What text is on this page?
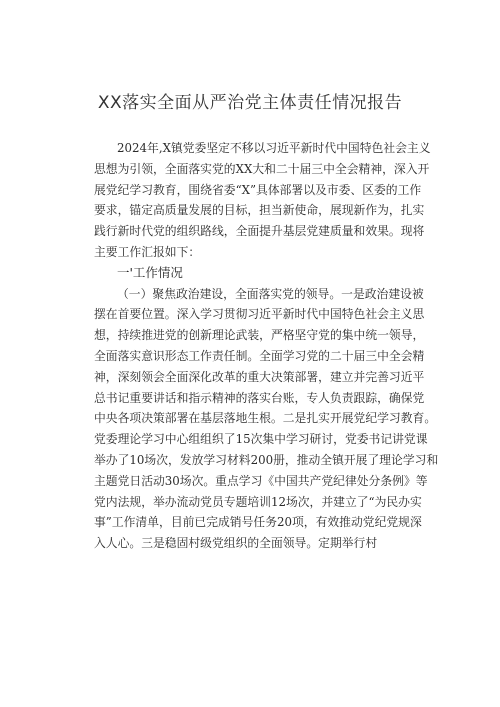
XX落实全面从严治党主体责任情况报告
2024年,X镇党委坚定不移以习近平新时代中国特色社会主义
思想为引领，全面落实党的XX大和二十届三中全会精神，深入开
展党纪学习教育，围绕省委“X”具体部署以及市委、区委的工作
要求，锚定高质量发展的目标，担当新使命，展现新作为，扎实
践行新时代党的组织路线，全面提升基层党建质量和效果。现将
主要工作汇报如下：
一'工作情况
（一）聚焦政治建设，全面落实党的领导。一是政治建设被
摆在首要位置。深入学习贯彻习近平新时代中国特色社会主义思
想，持续推进党的创新理论武装，严格坚守党的集中统一领导，
全面落实意识形态工作责任制。全面学习党的二十届三中全会精
神，深刻领会全面深化改革的重大决策部署，建立并完善习近平
总书记重要讲话和指示精神的落实台账，专人负责跟踪，确保党
中央各项决策部署在基层落地生根。二是扎实开展党纪学习教育。
党委理论学习中心组组织了15次集中学习研讨，党委书记讲党课
举办了10场次，发放学习材料200册，推动全镇开展了理论学习和
主题党日活动30场次。重点学习《中国共产党纪律处分条例》等
党内法规，举办流动党员专题培训12场次，并建立了“为民办实
事”工作清单，目前已完成销号任务20项，有效推动党纪党规深
入人心。三是稳固村级党组织的全面领导。定期举行村
